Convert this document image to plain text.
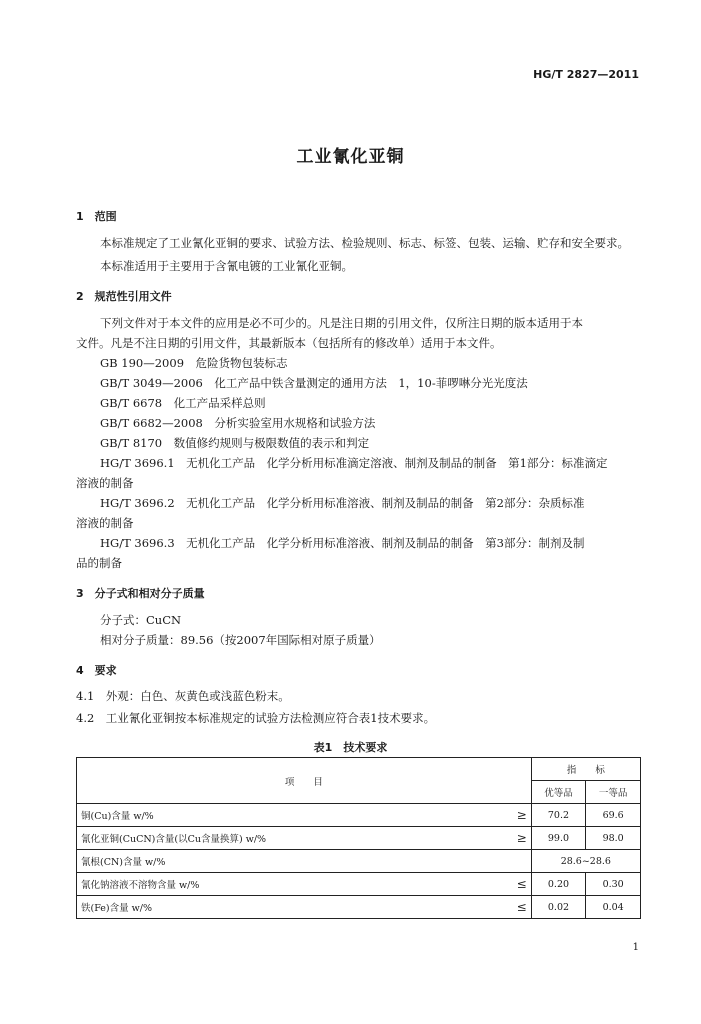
HG/T 2827—2011
工业氰化亚铜
1　范围
本标准规定了工业氰化亚铜的要求、试验方法、检验规则、标志、标签、包装、运输、贮存和安全要求。
本标准适用于主要用于含氰电镀的工业氰化亚铜。
2　规范性引用文件
下列文件对于本文件的应用是必不可少的。凡是注日期的引用文件，仅所注日期的版本适用于本
文件。凡是不注日期的引用文件，其最新版本（包括所有的修改单）适用于本文件。
GB 190—2009　危险货物包装标志
GB/T 3049—2006　化工产品中铁含量测定的通用方法　1，10-菲啰啉分光光度法
GB/T 6678　化工产品采样总则
GB/T 6682—2008　分析实验室用水规格和试验方法
GB/T 8170　数值修约规则与极限数值的表示和判定
HG/T 3696.1　无机化工产品　化学分析用标准滴定溶液、制剂及制品的制备　第1部分：标准滴定
溶液的制备
HG/T 3696.2　无机化工产品　化学分析用标准溶液、制剂及制品的制备　第2部分：杂质标准
溶液的制备
HG/T 3696.3　无机化工产品　化学分析用标准溶液、制剂及制品的制备　第3部分：制剂及制
品的制备
3　分子式和相对分子质量
分子式：CuCN
相对分子质量：89.56（按2007年国际相对原子质量）
4　要求
4.1　外观：白色、灰黄色或浅蓝色粉末。
4.2　工业氰化亚铜按本标准规定的试验方法检测应符合表1技术要求。
表1　技术要求
项　　目		指　　标	
		优等品	一等品
铜(Cu)含量 w/%	≥	70.2	69.6
氰化亚铜(CuCN)含量(以Cu含量换算) w/%	≥	99.0	98.0
氰根(CN)含量 w/%		28.6~28.6	
氰化钠溶液不溶物含量 w/%	≤	0.20	0.30
铁(Fe)含量 w/%	≤	0.02	0.04
1
